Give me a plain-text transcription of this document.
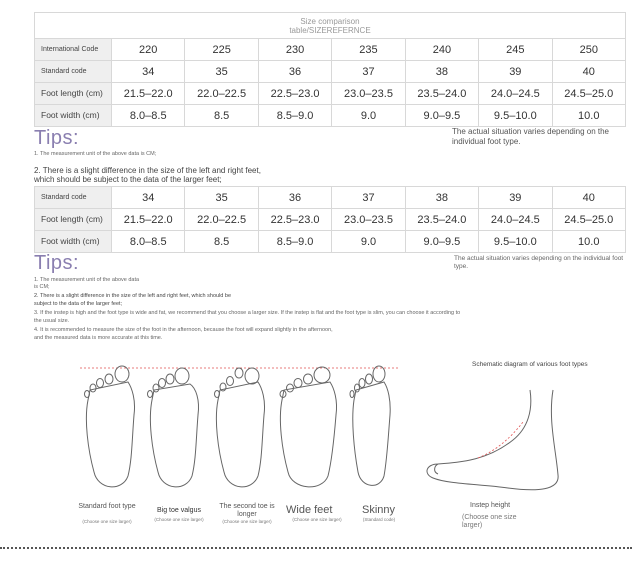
Size comparison
table/SIZEREFERNCE							

International Code	220	225	230	235	240	245	250
Standard code	34	35	36	37	38	39	40
Foot length (cm)	21.5–22.0	22.0–22.5	22.5–23.0	23.0–23.5	23.5–24.0	24.0–24.5	24.5–25.0
Foot width (cm)	8.0–8.5	8.5	8.5–9.0	9.0	9.0–9.5	9.5–10.0	10.0
Tips:	The actual situation varies depending on the individual foot type.
1. The measurement unit of the above data is CM;
2. There is a slight difference in the size of the left and right feet,
which should be subject to the data of the larger feet;
Standard code	34	35	36	37	38	39	40
Foot length (cm)	21.5–22.0	22.0–22.5	22.5–23.0	23.0–23.5	23.5–24.0	24.0–24.5	24.5–25.0
Foot width (cm)	8.0–8.5	8.5	8.5–9.0	9.0	9.0–9.5	9.5–10.0	10.0
Tips:	The actual situation varies depending on the individual foot type.
1. The measurement unit of the above data
is CM;
2. There is a slight difference in the size of the left and right feet, which should be
subject to the data of the larger feet;
3. If the instep is high and the foot type is wide and fat, we recommend that you choose a larger size. If the instep is flat and the foot type is slim, you can choose it according to
the usual size.
4. It is recommended to measure the size of the foot in the afternoon, because the foot will expand slightly in the afternoon,
and the measured data is more accurate at this time.
Standard foot type
(Choose one size larger)
Big toe valgus
(Choose one size larger)
The second toe is longer
(Choose one size larger)
Wide feet
(Choose one size larger)
Skinny
(Standard code)
Schematic diagram of various foot types
Instep height
(Choose one size larger)
